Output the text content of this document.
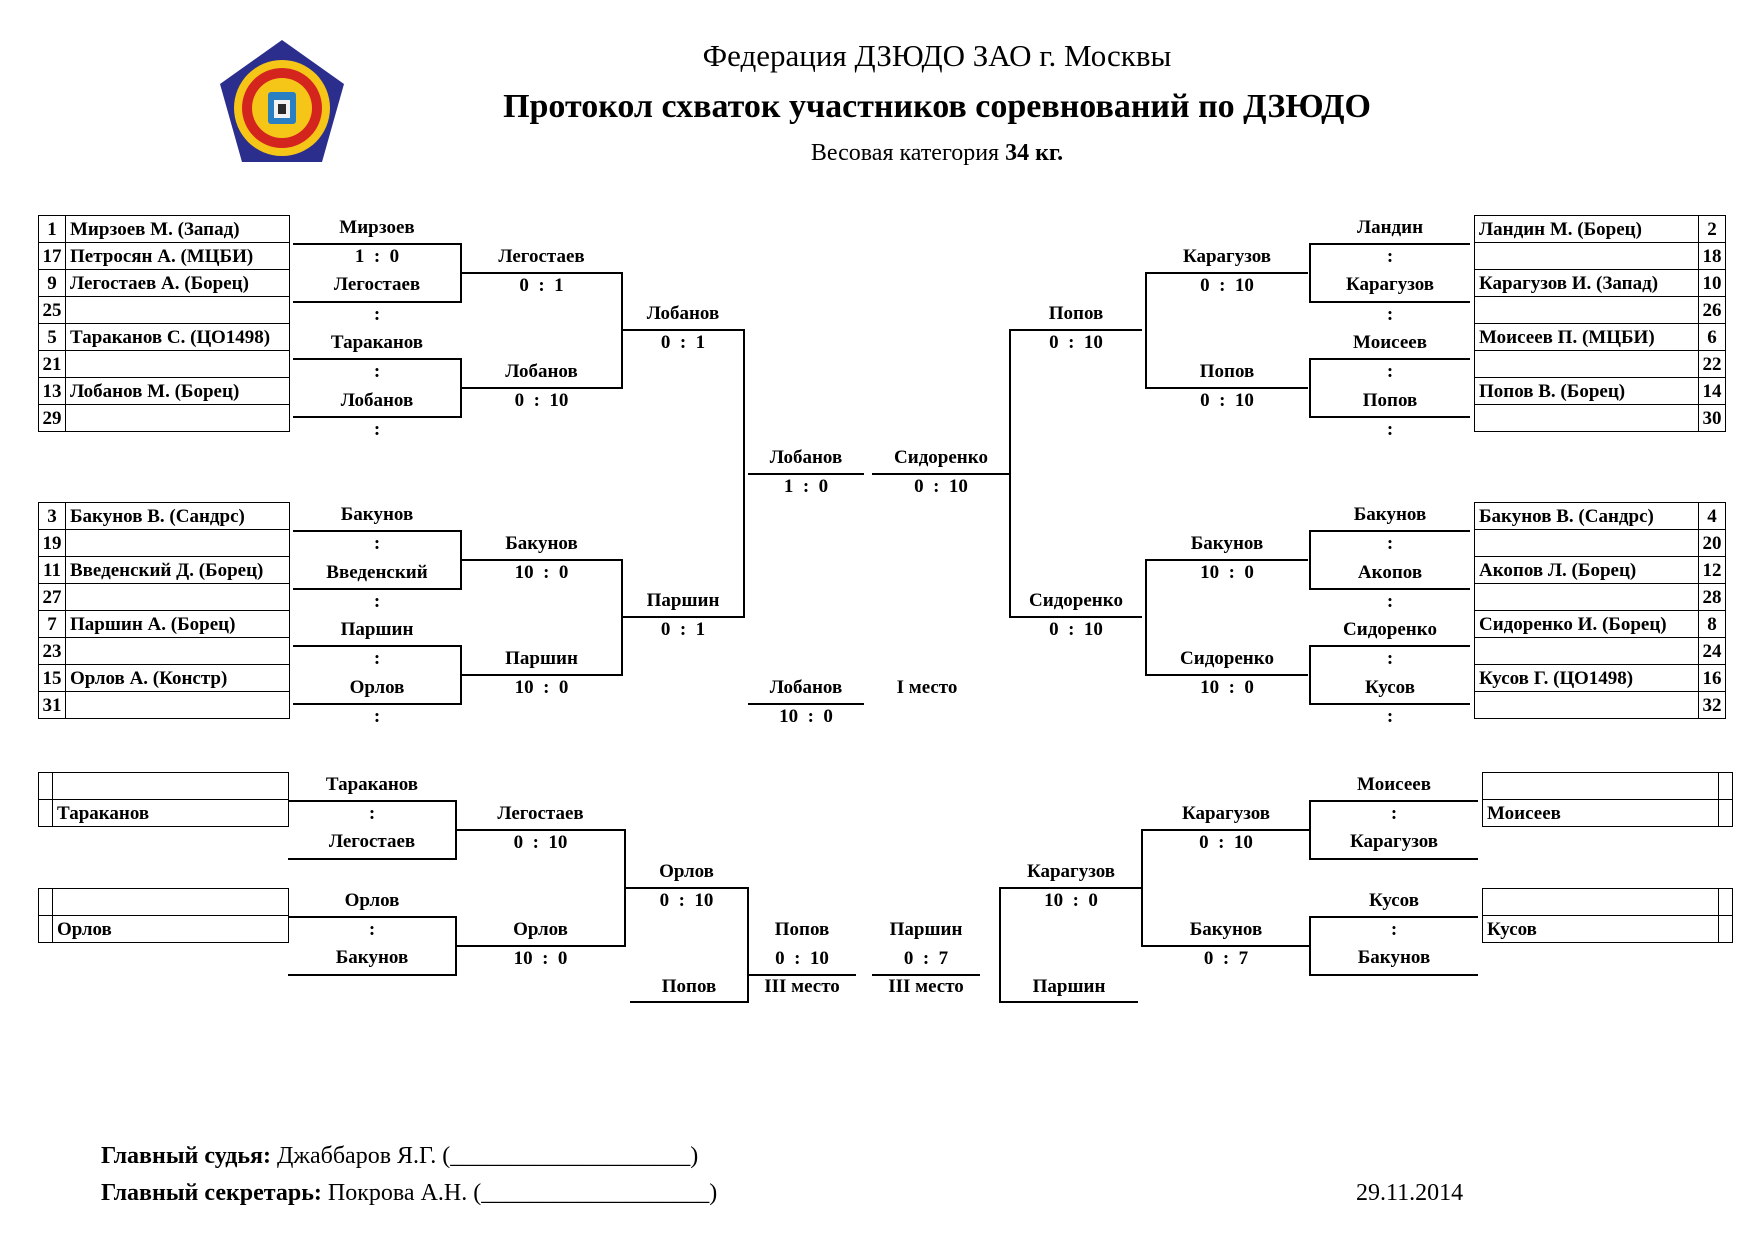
Федерация ДЗЮДО ЗАО г. Москвы
Протокол схваток участников соревнований по ДЗЮДО
Весовая категория 34 кг.
1	Мирзоев М. (Запад)
17	Петросян А. (МЦБИ)
9	Легостаев А. (Борец)
25	
5	Тараканов С. (ЦО1498)
21	
13	Лобанов М. (Борец)
29	
3	Бакунов В. (Сандрс)
19	
11	Введенский Д. (Борец)
27	
7	Паршин А. (Борец)
23	
15	Орлов А. (Констр)
31	
Ландин М. (Борец)	2
	18
Карагузов И. (Запад)	10
	26
Моисеев П. (МЦБИ)	6
	22
Попов В. (Борец)	14
	30
Бакунов В. (Сандрс)	4
	20
Акопов Л. (Борец)	12
	28
Сидоренко И. (Борец)	8
	24
Кусов Г. (ЦО1498)	16
	32

	Тараканов

	Орлов

Моисеев	

Кусов	
Мирзоев
1  :  0
Легостаев
:
Тараканов
:
Лобанов
:
Бакунов
:
Введенский
:
Паршин
:
Орлов
:
Легостаев
0  :  1
Лобанов
0  :  10
Бакунов
10  :  0
Паршин
10  :  0
Лобанов
0  :  1
Паршин
0  :  1
Лобанов
1  :  0
Сидоренко
0  :  10
Лобанов
10  :  0
I место
Попов
0  :  10
Сидоренко
0  :  10
Карагузов
0  :  10
Попов
0  :  10
Бакунов
10  :  0
Сидоренко
10  :  0
Ландин
:
Карагузов
:
Моисеев
:
Попов
:
Бакунов
:
Акопов
:
Сидоренко
:
Кусов
:
Тараканов
:
Легостаев
Орлов
:
Бакунов
Легостаев
0  :  10
Орлов
10  :  0
Орлов
0  :  10
Попов
Попов
0  :  10
III место
Моисеев
:
Карагузов
Кусов
:
Бакунов
Карагузов
0  :  10
Бакунов
0  :  7
Карагузов
10  :  0
Паршин
Паршин
0  :  7
III место
Главный судья: Джаббаров Я.Г. (____________________)
Главный секретарь: Покрова А.Н. (___________________)	29.11.2014
